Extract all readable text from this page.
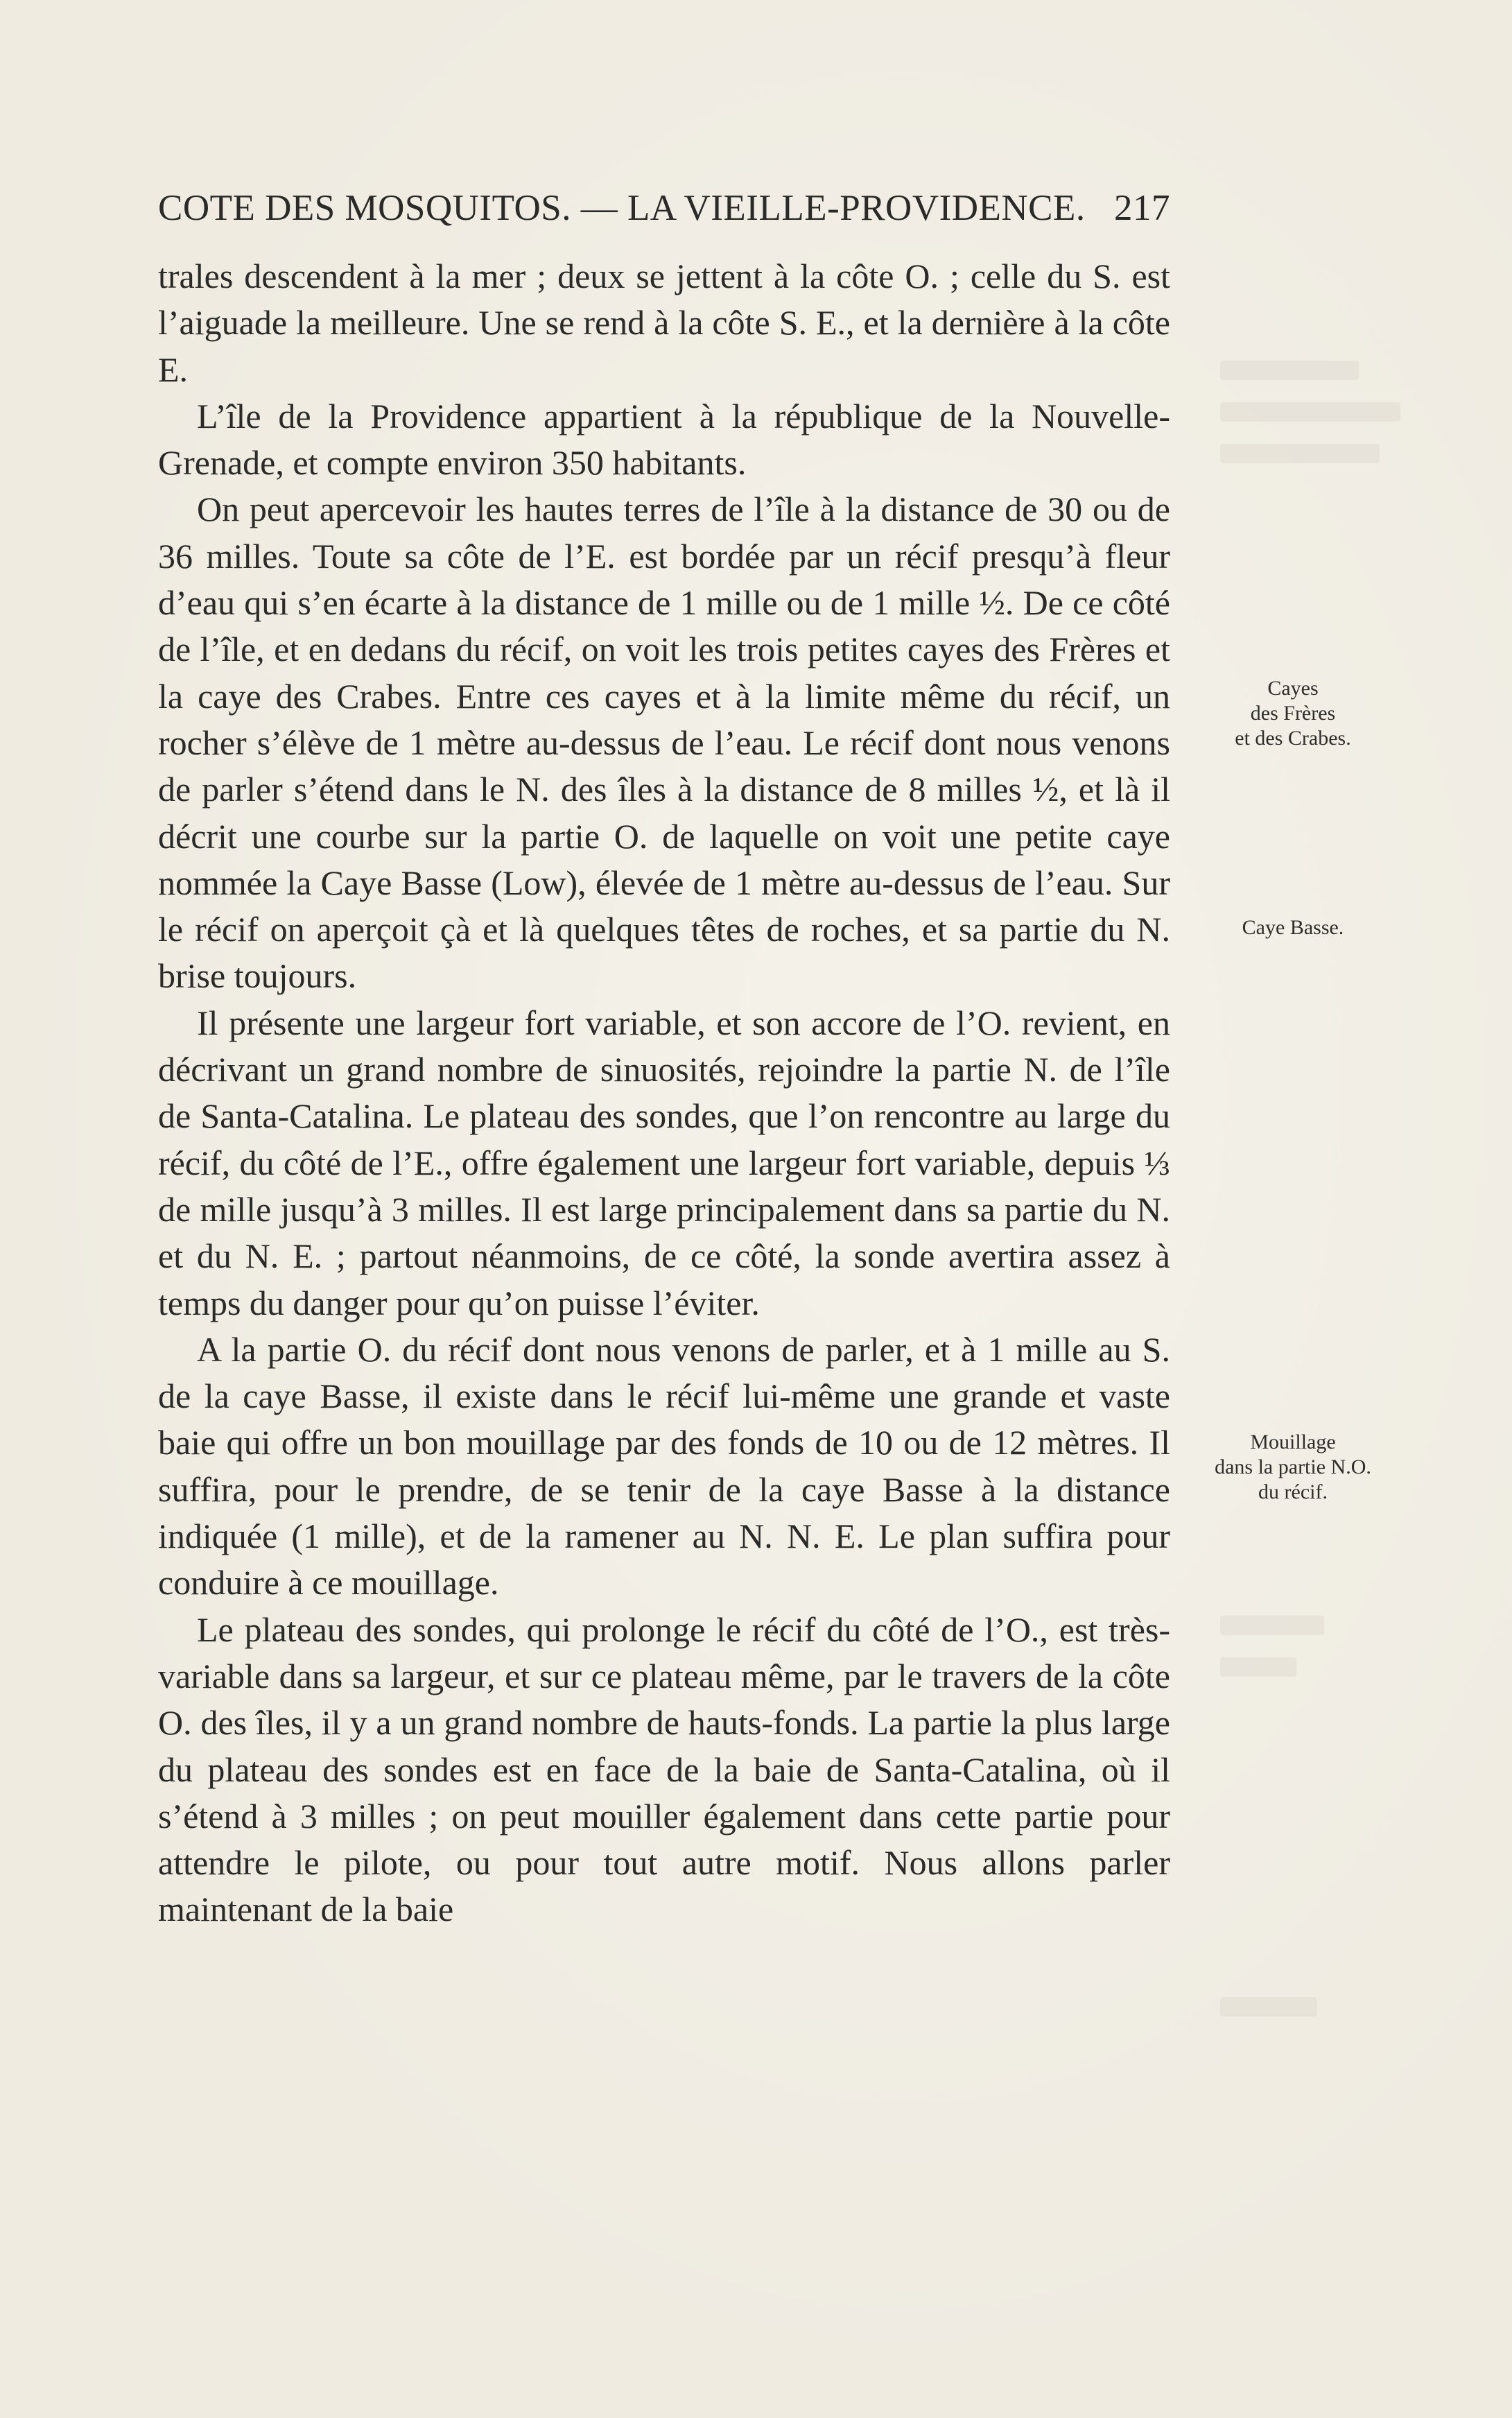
COTE DES MOSQUITOS. — LA VIEILLE-PROVIDENCE. 217

trales descendent à la mer ; deux se jettent à la côte O. ; celle du S. est l’aiguade la meilleure. Une se rend à la côte S. E., et la dernière à la côte E.

L’île de la Providence appartient à la république de la Nouvelle-Grenade, et compte environ 350 habitants.

On peut apercevoir les hautes terres de l’île à la distance de 30 ou de 36 milles. Toute sa côte de l’E. est bordée par un récif presqu’à fleur d’eau qui s’en écarte à la distance de 1 mille ou de 1 mille ½. De ce côté de l’île, et en dedans du récif, on voit les trois petites cayes des Frères et la caye des Crabes. Entre ces cayes et à la limite même du récif, un rocher s’élève de 1 mètre au-dessus de l’eau. Le récif dont nous venons de parler s’étend dans le N. des îles à la distance de 8 milles ½, et là il décrit une courbe sur la partie O. de laquelle on voit une petite caye nommée la Caye Basse (Low), élevée de 1 mètre au-dessus de l’eau. Sur le récif on aperçoit çà et là quelques têtes de roches, et sa partie du N. brise toujours.

Il présente une largeur fort variable, et son accore de l’O. revient, en décrivant un grand nombre de sinuosités, rejoindre la partie N. de l’île de Santa-Catalina. Le plateau des sondes, que l’on rencontre au large du récif, du côté de l’E., offre également une largeur fort variable, depuis ⅓ de mille jusqu’à 3 milles. Il est large principalement dans sa partie du N. et du N. E. ; partout néanmoins, de ce côté, la sonde avertira assez à temps du danger pour qu’on puisse l’éviter.

A la partie O. du récif dont nous venons de parler, et à 1 mille au S. de la caye Basse, il existe dans le récif lui-même une grande et vaste baie qui offre un bon mouillage par des fonds de 10 ou de 12 mètres. Il suffira, pour le prendre, de se tenir de la caye Basse à la distance indiquée (1 mille), et de la ramener au N. N. E. Le plan suffira pour conduire à ce mouillage.

Le plateau des sondes, qui prolonge le récif du côté de l’O., est très-variable dans sa largeur, et sur ce plateau même, par le travers de la côte O. des îles, il y a un grand nombre de hauts-fonds. La partie la plus large du plateau des sondes est en face de la baie de Santa-Catalina, où il s’étend à 3 milles ; on peut mouiller également dans cette partie pour attendre le pilote, ou pour tout autre motif. Nous allons parler maintenant de la baie

Cayes
des Frères
et des Crabes.
Caye Basse.
Mouillage
dans la partie N.O.
du récif.
